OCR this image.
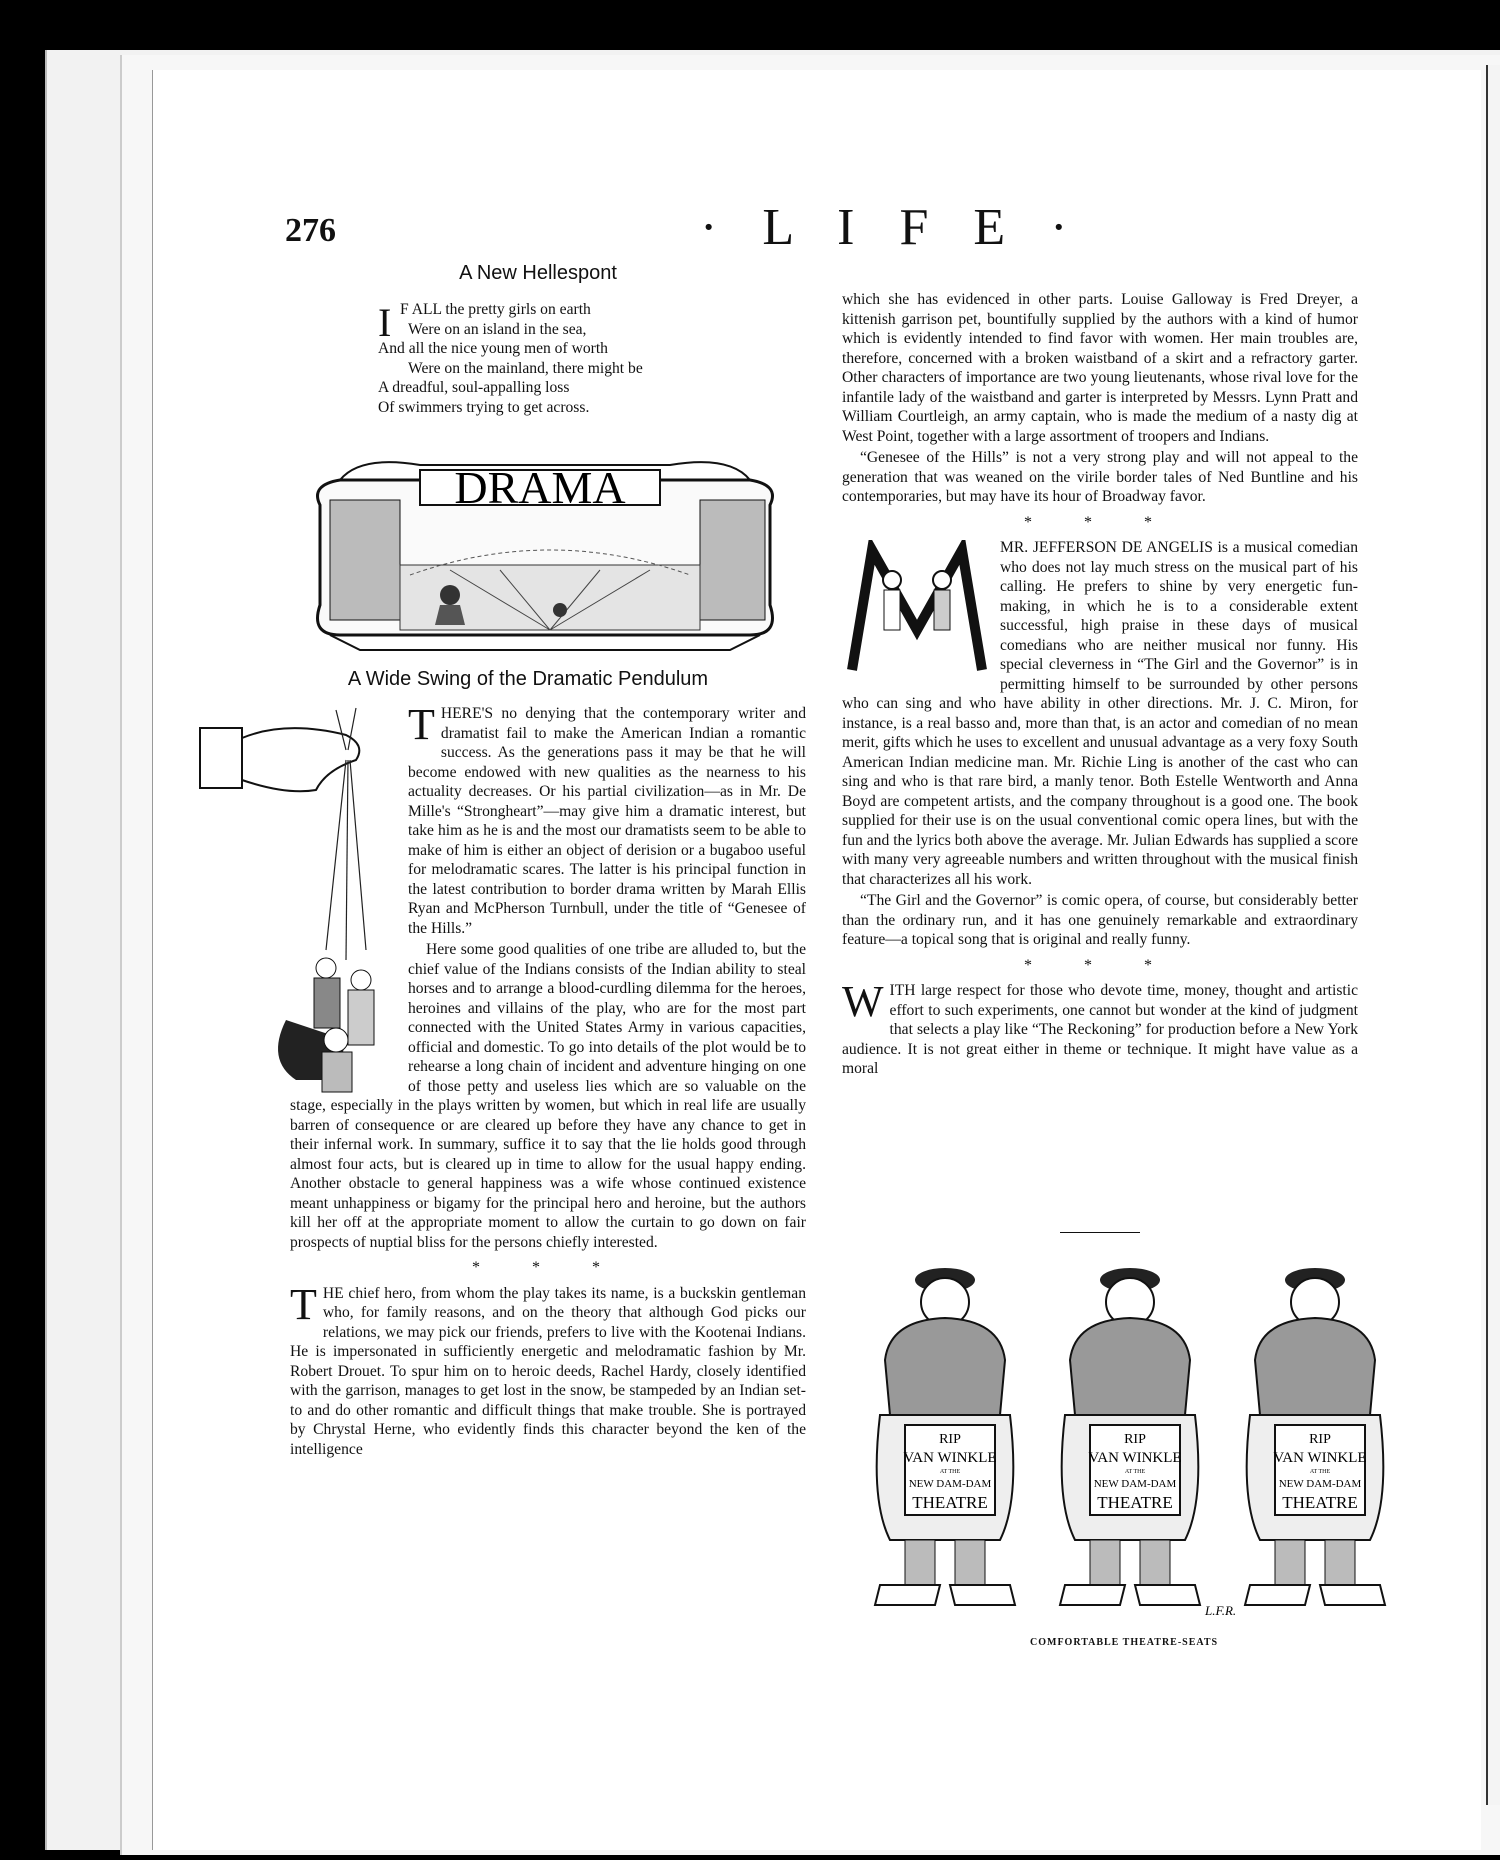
276	· L I F E ·
A New Hellespont
I F ALL the pretty girls on earth
Were on an island in the sea,
And all the nice young men of worth
Were on the mainland, there might be
A dreadful, soul-appalling loss
Of swimmers trying to get across.
DRAMA
A Wide Swing of the Dramatic Pendulum
T HERE'S no denying that the contemporary writer and dramatist fail to make the American Indian a romantic success. As the generations pass it may be that he will become endowed with new qualities as the nearness to his actuality decreases. Or his partial civilization—as in Mr. De Mille's “Strongheart”—may give him a dramatic interest, but take him as he is and the most our dramatists seem to be able to make of him is either an object of derision or a bugaboo useful for melodramatic scares. The latter is his principal function in the latest contribution to border drama written by Marah Ellis Ryan and McPherson Turnbull, under the title of “Genesee of the Hills.”

Here some good qualities of one tribe are alluded to, but the chief value of the Indians consists of the Indian ability to steal horses and to arrange a blood-curdling dilemma for the heroes, heroines and villains of the play, who are for the most part connected with the United States Army in various capacities, official and domestic. To go into details of the plot would be to rehearse a long chain of incident and adventure hinging on one of those petty and useless lies which are so valuable on the stage, especially in the plays written by women, but which in real life are usually barren of consequence or are cleared up before they have any chance to get in their infernal work. In summary, suffice it to say that the lie holds good through almost four acts, but is cleared up in time to allow for the usual happy ending. Another obstacle to general happiness was a wife whose continued existence meant unhappiness or bigamy for the principal hero and heroine, but the authors kill her off at the appropriate moment to allow the curtain to go down on fair prospects of nuptial bliss for the persons chiefly interested.

* * *
T HE chief hero, from whom the play takes its name, is a buckskin gentleman who, for family reasons, and on the theory that although God picks our relations, we may pick our friends, prefers to live with the Kootenai Indians. He is impersonated in sufficiently energetic and melodramatic fashion by Mr. Robert Drouet. To spur him on to heroic deeds, Rachel Hardy, closely identified with the garrison, manages to get lost in the snow, be stampeded by an Indian set-to and do other romantic and difficult things that make trouble. She is portrayed by Chrystal Herne, who evidently finds this character beyond the ken of the intelligence

which she has evidenced in other parts. Louise Galloway is Fred Dreyer, a kittenish garrison pet, bountifully supplied by the authors with a kind of humor which is evidently intended to find favor with women. Her main troubles are, therefore, concerned with a broken waistband of a skirt and a refractory garter. Other characters of importance are two young lieutenants, whose rival love for the infantile lady of the waistband and garter is interpreted by Messrs. Lynn Pratt and William Courtleigh, an army captain, who is made the medium of a nasty dig at West Point, together with a large assortment of troopers and Indians.

“Genesee of the Hills” is not a very strong play and will not appeal to the generation that was weaned on the virile border tales of Ned Buntline and his contemporaries, but may have its hour of Broadway favor.

* * *

MR. JEFFERSON DE ANGELIS is a musical comedian who does not lay much stress on the musical part of his calling. He prefers to shine by very energetic fun-making, in which he is to a considerable extent successful, high praise in these days of musical comedians who are neither musical nor funny. His special cleverness in “The Girl and the Governor” is in permitting himself to be surrounded by other persons who can sing and who have ability in other directions. Mr. J. C. Miron, for instance, is a real basso and, more than that, is an actor and comedian of no mean merit, gifts which he uses to excellent and unusual advantage as a very foxy South American Indian medicine man. Mr. Richie Ling is another of the cast who can sing and who is that rare bird, a manly tenor. Both Estelle Wentworth and Anna Boyd are competent artists, and the company throughout is a good one. The book supplied for their use is on the usual conventional comic opera lines, but with the fun and the lyrics both above the average. Mr. Julian Edwards has supplied a score with many very agreeable numbers and written throughout with the musical finish that characterizes all his work.

“The Girl and the Governor” is comic opera, of course, but considerably better than the ordinary run, and it has one genuinely remarkable and extraordinary feature—a topical song that is original and really funny.

* * *
W ITH large respect for those who devote time, money, thought and artistic effort to such experiments, one cannot but wonder at the kind of judgment that selects a play like “The Reckoning” for production before a New York audience. It is not great either in theme or technique. It might have value as a moral

RIP
VAN WINKLE
AT THE
NEW DAM-DAM
THEATRE
RIP
VAN WINKLE
AT THE
NEW DAM-DAM
THEATRE
RIP
VAN WINKLE
AT THE
NEW DAM-DAM
THEATRE
L.F.R.
COMFORTABLE THEATRE-SEATS
comicbooks.com
